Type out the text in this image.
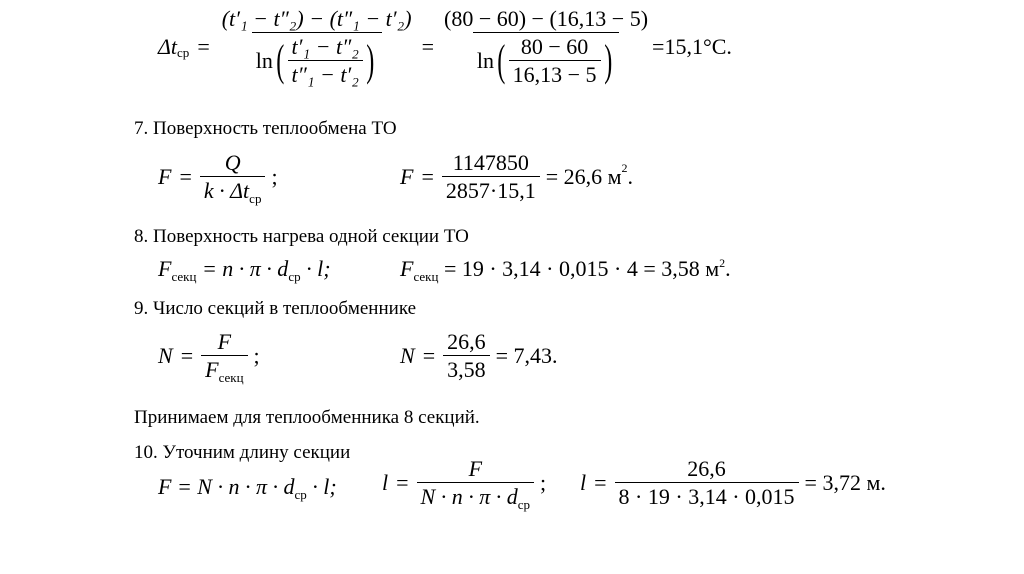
Δt ср =
(t′₁ − t″₂) − (t″₁ − t′₂)
ln ( $\frac{\text{t′₁ − t″₂}}{\text{t″₁ − t′₂}}$ ) =
(80 − 60) − (16,13 − 5)
ln ( $\frac{80 - 60}{16,13 - 5}$ ) =15,1°С.
7. Поверхность теплообмена ТО
$F = \frac{Q}{k \cdot \Delta t_{ср}}$ ;	$F = \frac{1147850}{2857\cdot 15,1} = 26,6$ м 2 .
8. Поверхность нагрева одной секции ТО
$F_{секц} = n \cdot \pi \cdot d_{ср} \cdot l$;	$F_{секц} = 19 \cdot 3,14 \cdot 0,015 \cdot 4 = 3,58$ $м^2$.
9. Число секций в теплообменнике
$N = \frac{F}{F_{секц}}$ ;	$N = \frac{26,6}{3,58} = 7,43$.
Принимаем для теплообменника 8 секций.
10. Уточним длину секции
$F = N \cdot n \cdot \pi \cdot d_{ср} \cdot l$; $l = \frac{F}{N \cdot n \cdot \pi \cdot d_{ср}}$ ; $l = \frac{26,6}{8 \cdot 19 \cdot 3,14 \cdot 0,015} = 3,72$ м.
